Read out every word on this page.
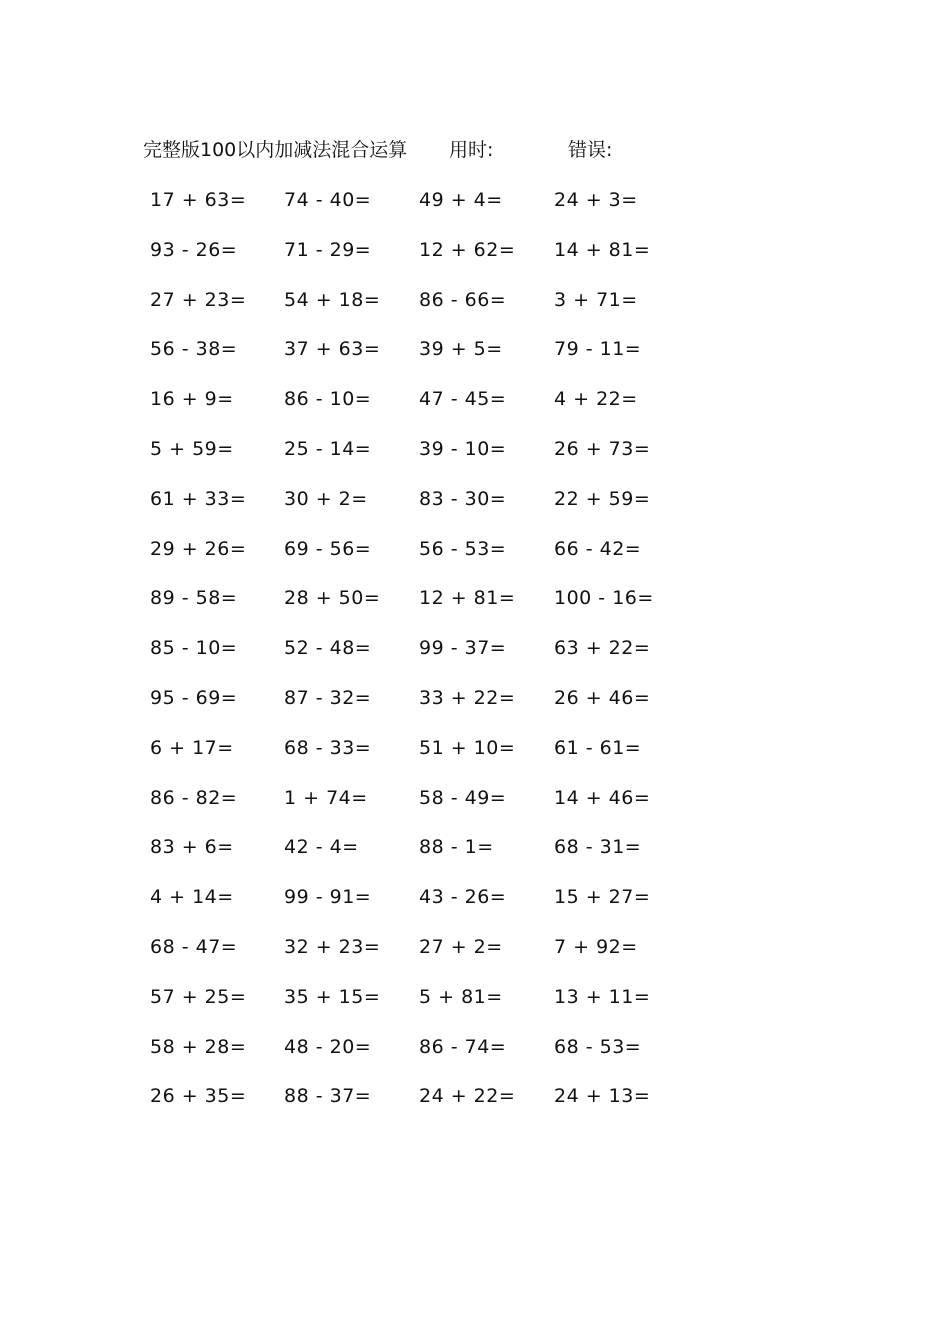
完整版100以内加减法混合运算 用时:	错误:
17 + 63= 74 - 40=	49 + 4=	24 + 3=
93 - 26= 71 - 29=	12 + 62= 14 + 81=
27 + 23= 54 + 18= 86 - 66=	3 + 71=
56 - 38= 37 + 63= 39 + 5=	79 - 11=
16 + 9=	86 - 10=	47 - 45=	4 + 22=
5 + 59=	25 - 14=	39 - 10=	26 + 73=
61 + 33= 30 + 2=	83 - 30=	22 + 59=
29 + 26= 69 - 56=	56 - 53=	66 - 42=
89 - 58= 28 + 50= 12 + 81= 100 - 16=
85 - 10= 52 - 48=	99 - 37=	63 + 22=
95 - 69= 87 - 32=	33 + 22= 26 + 46=
6 + 17=	68 - 33=	51 + 10= 61 - 61=
86 - 82= 1 + 74=	58 - 49=	14 + 46=
83 + 6=	42 - 4=	88 - 1=	68 - 31=
4 + 14=	99 - 91=	43 - 26=	15 + 27=
68 - 47= 32 + 23= 27 + 2=	7 + 92=
57 + 25= 35 + 15= 5 + 81=	13 + 11=
58 + 28= 48 - 20=	86 - 74=	68 - 53=
26 + 35= 88 - 37=	24 + 22= 24 + 13=
